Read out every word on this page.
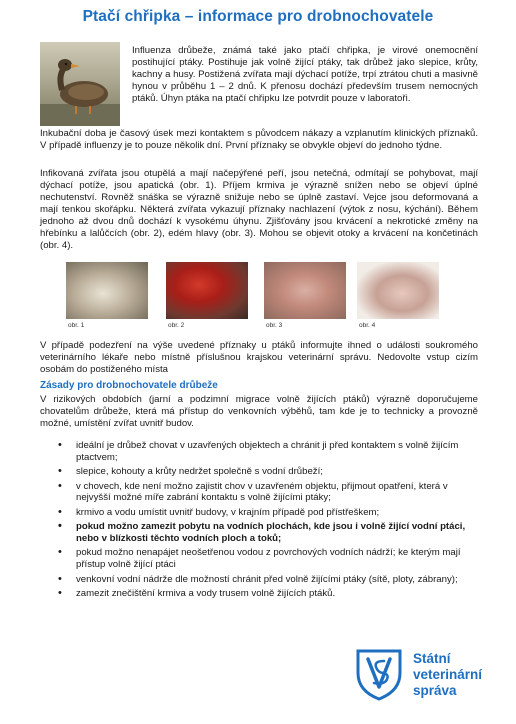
Ptačí chřipka – informace pro drobnochovatele

Influenza drůbeže, známá také jako ptačí chřipka, je virové onemocnění postihující ptáky. Postihuje jak volně žijící ptáky, tak drůbež jako slepice, krůty, kachny a husy. Postižená zvířata mají dýchací potíže, trpí ztrátou chuti a masivně hynou v průběhu 1 – 2 dnů. K přenosu dochází především trusem nemocných ptáků. Úhyn ptáka na ptačí chřipku lze potvrdit pouze v laboratoři.

Inkubační doba je časový úsek mezi kontaktem s původcem nákazy a vzplanutím klinických příznaků. V případě influenzy je to pouze několik dní. První příznaky se obvykle objeví do jednoho týdne.

Infikovaná zvířata jsou otupělá a mají načepýřené peří, jsou netečná, odmítají se pohybovat, mají dýchací potíže, jsou apatická (obr. 1). Příjem krmiva je výrazně snížen nebo se objeví úplné nechutenství. Rovněž snáška se výrazně snižuje nebo se úplně zastaví. Vejce jsou deformovaná a mají tenkou skořápku. Některá zvířata vykazují příznaky nachlazení (výtok z nosu, kýchání). Během jednoho až dvou dnů dochází k vysokému úhynu. Zjišťovány jsou krvácení a nekrotické změny na hřebínku a lalůčcích (obr. 2), edém hlavy (obr. 3). Mohou se objevit otoky a krvácení na končetinách (obr. 4).

obr. 1	obr. 2	obr. 3	obr. 4

V případě podezření na výše uvedené příznaky u ptáků informujte ihned o události soukromého veterinárního lékaře nebo místně příslušnou krajskou veterinární správu. Nedovolte vstup cizím osobám do postiženého místa

Zásady pro drobnochovatele drůbeže

V rizikových obdobích (jarní a podzimní migrace volně žijících ptáků) výrazně doporučujeme chovatelům drůbeže, která má přístup do venkovních výběhů, tam kde je to technicky a provozně možné, umístění zvířat uvnitř budov.

• ideální je drůbež chovat v uzavřených objektech a chránit ji před kontaktem s volně žijícím ptactvem;
• slepice, kohouty a krůty nedržet společně s vodní drůbeží;
• v chovech, kde není možno zajistit chov v uzavřeném objektu, přijmout opatření, která v nejvyšší možné míře zabrání kontaktu s volně žijícími ptáky;
• krmivo a vodu umístit uvnitř budovy, v krajním případě pod přístřeškem;
• pokud možno zamezit pobytu na vodních plochách, kde jsou i volně žijící vodní ptáci, nebo v blízkosti těchto vodních ploch a toků;
• pokud možno nenapájet neošetřenou vodou z povrchových vodních nádrží; ke kterým mají přístup volně žijící ptáci
• venkovní vodní nádrže dle možností chránit před volně žijícími ptáky (sítě, ploty, zábrany);
• zamezit znečištění krmiva a vody trusem volně žijících ptáků.
Státní
veterinární
správa
